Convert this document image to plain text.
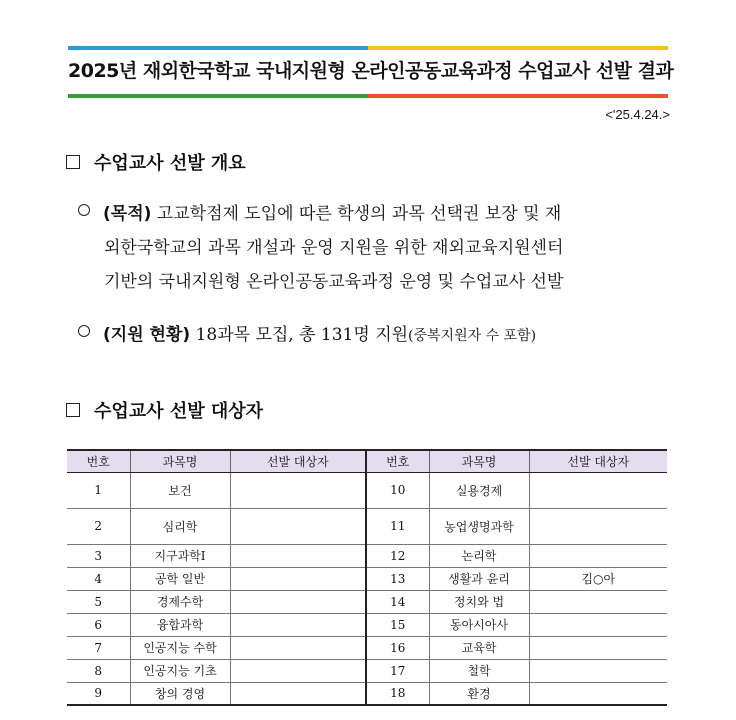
2025년 재외한국학교 국내지원형 온라인공동교육과정 수업교사 선발 결과
<'25.4.24.>
수업교사 선발 개요
(목적) 고교학점제 도입에 따른 학생의 과목 선택권 보장 및 재
외한국학교의 과목 개설과 운영 지원을 위한 재외교육지원센터
기반의 국내지원형 온라인공동교육과정 운영 및 수업교사 선발
(지원 현황) 18과목 모집, 총 131명 지원(중복지원자 수 포함)
수업교사 선발 대상자
번호	과목명	선발 대상자	번호	과목명	선발 대상자
1	보건		10	실용경제	
2	심리학		11	농업생명과학	
3	지구과학Ⅰ		12	논리학	
4	공학 일반		13	생활과 윤리	김○아
5	경제수학		14	정치와 법	
6	융합과학		15	동아시아사	
7	인공지능 수학		16	교육학	
8	인공지능 기초		17	철학	
9	창의 경영		18	환경	
